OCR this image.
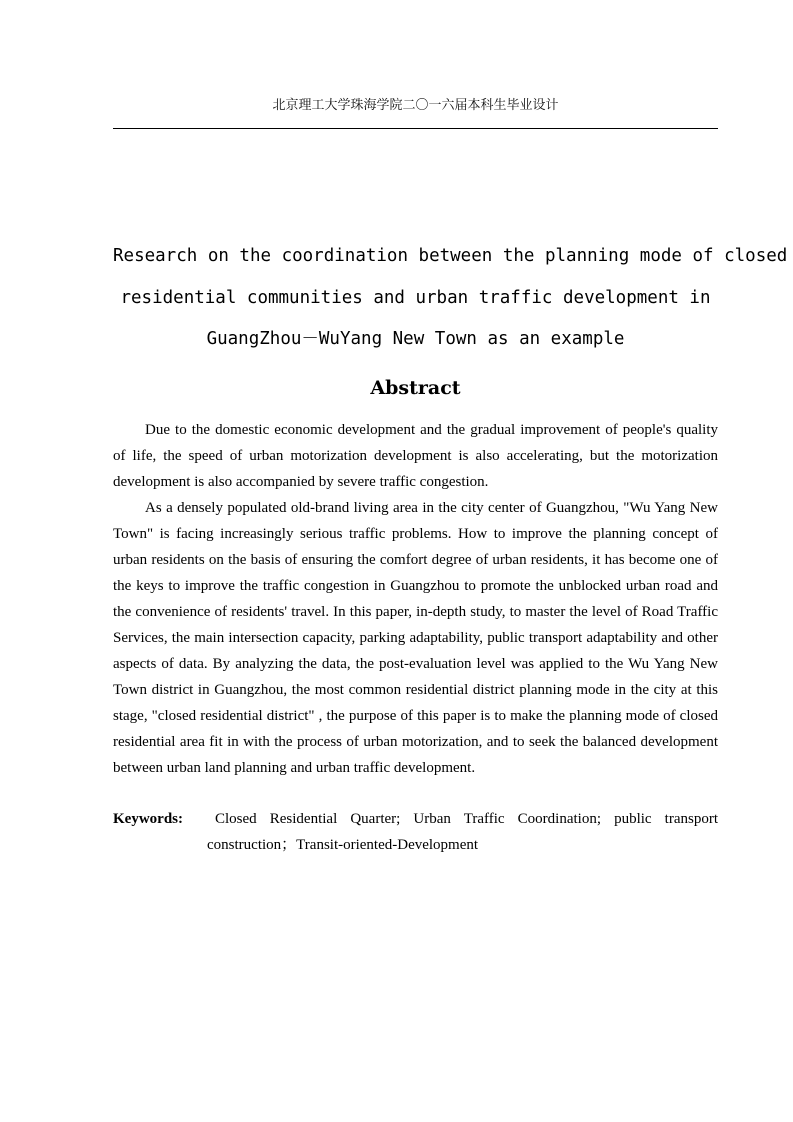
北京理工大学珠海学院二〇一六届本科生毕业设计
Research on the coordination between the planning mode of closed
residential communities and urban traffic development in
GuangZhou－WuYang New Town as an example
Abstract

Due to the domestic economic development and the gradual improvement of people's quality of life, the speed of urban motorization development is also accelerating, but the motorization development is also accompanied by severe traffic congestion.

As a densely populated old-brand living area in the city center of Guangzhou, "Wu Yang New Town" is facing increasingly serious traffic problems. How to improve the planning concept of urban residents on the basis of ensuring the comfort degree of urban residents, it has become one of the keys to improve the traffic congestion in Guangzhou to promote the unblocked urban road and the convenience of residents' travel. In this paper, in-depth study, to master the level of Road Traffic Services, the main intersection capacity, parking adaptability, public transport adaptability and other aspects of data. By analyzing the data, the post-evaluation level was applied to the Wu Yang New Town district in Guangzhou, the most common residential district planning mode in the city at this stage, "closed residential district" , the purpose of this paper is to make the planning mode of closed residential area fit in with the process of urban motorization, and to seek the balanced development between urban land planning and urban traffic development.

Keywords:	Closed Residential Quarter; Urban Traffic Coordination; public transport construction；Transit-oriented-Development
